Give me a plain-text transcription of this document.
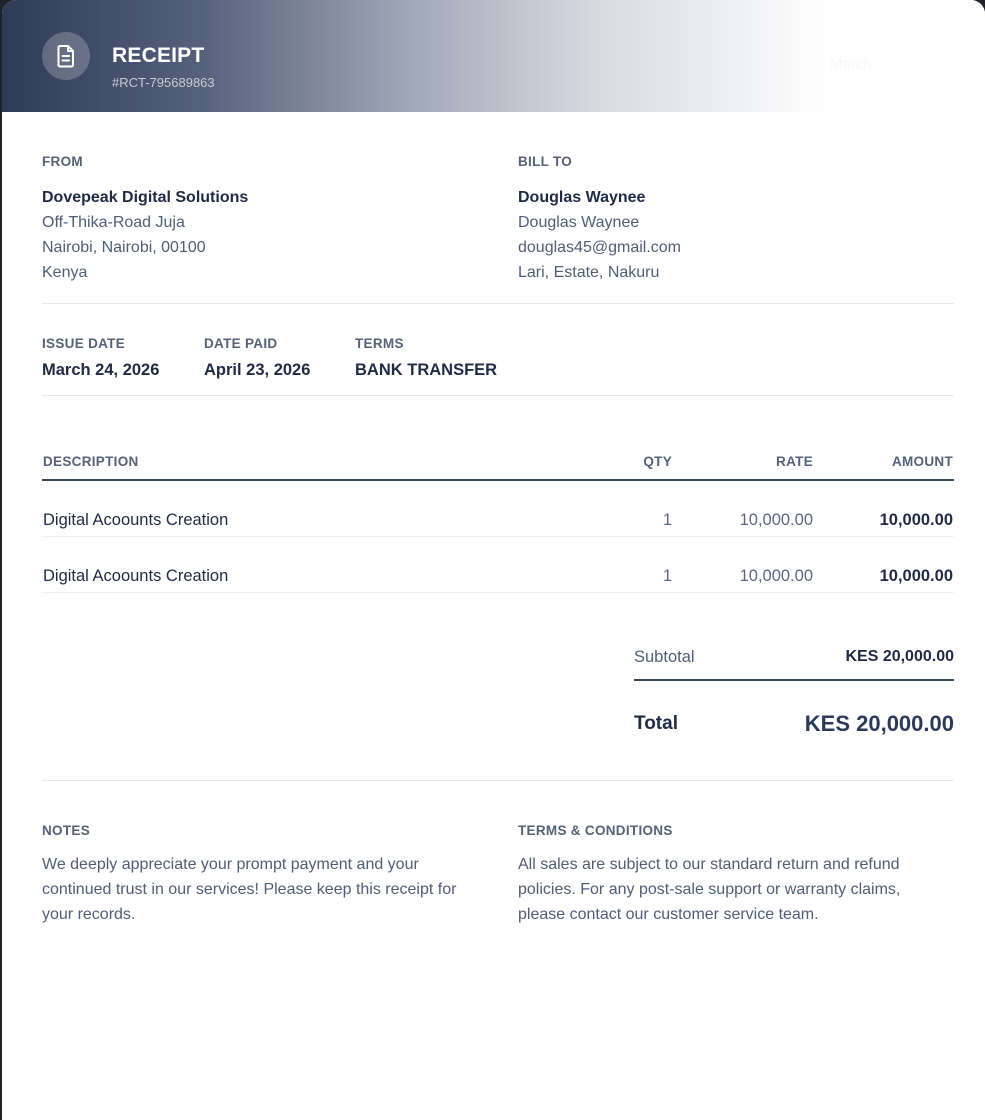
RECEIPT
#RCT-795689863
March
FROM
Dovepeak Digital Solutions
Off-Thika-Road Juja
Nairobi, Nairobi, 00100
Kenya
BILL TO
Douglas Waynee
Douglas Waynee
douglas45@gmail.com
Lari, Estate, Nakuru
ISSUE DATE
March 24, 2026
DATE PAID
April 23, 2026
TERMS
BANK TRANSFER
DESCRIPTION	QTY	RATE	AMOUNT
Digital Acoounts Creation	1	10,000.00	10,000.00
Digital Acoounts Creation	1	10,000.00	10,000.00
Subtotal	KES 20,000.00
Total	KES 20,000.00
NOTES
We deeply appreciate your prompt payment and your continued trust in our services! Please keep this receipt for your records.
TERMS & CONDITIONS
All sales are subject to our standard return and refund policies. For any post-sale support or warranty claims, please contact our customer service team.
